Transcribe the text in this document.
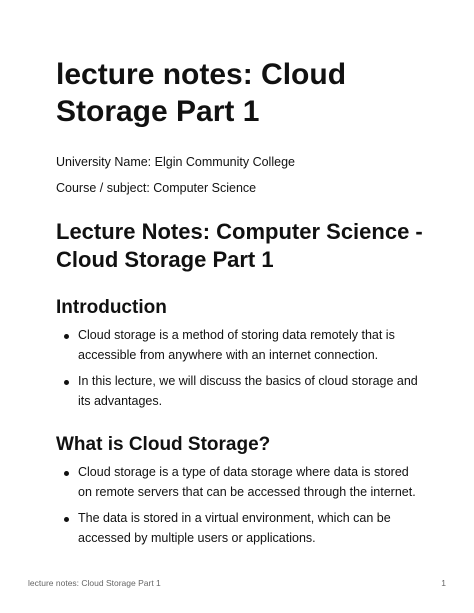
lecture notes: Cloud Storage Part 1

University Name: Elgin Community College

Course / subject: Computer Science

Lecture Notes: Computer Science - Cloud Storage Part 1
Introduction
Cloud storage is a method of storing data remotely that is accessible from anywhere with an internet connection.
In this lecture, we will discuss the basics of cloud storage and its advantages.
What is Cloud Storage?
Cloud storage is a type of data storage where data is stored on remote servers that can be accessed through the internet.
The data is stored in a virtual environment, which can be accessed by multiple users or applications.
lecture notes: Cloud Storage Part 1	1
